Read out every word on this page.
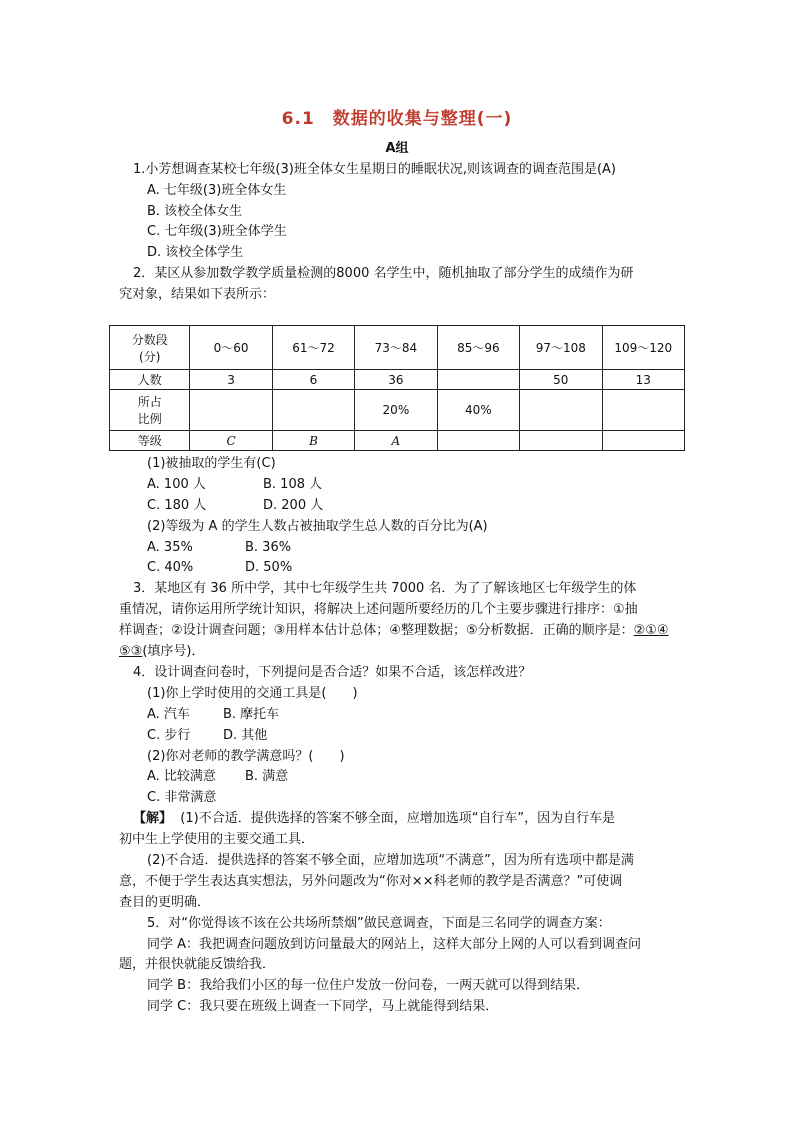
6.1　数据的收集与整理(一)
A组
1.小芳想调查某校七年级(3)班全体女生星期日的睡眠状况,则该调查的调查范围是(A)
A. 七年级(3)班全体女生
B. 该校全体女生
C. 七年级(3)班全体学生
D. 该校全体学生
2．某区从参加数学教学质量检测的8000 名学生中，随机抽取了部分学生的成绩作为研
究对象，结果如下表所示：
分数段
(分)	0～60	61～72	73～84	85～96	97～108	109～120
人数	3	6	36		50	13

所占
比例			20%	40%		
等级	C	B	A			
(1)被抽取的学生有(C)
A. 100 人	B. 108 人
C. 180 人	D. 200 人
(2)等级为 A 的学生人数占被抽取学生总人数的百分比为(A)
A. 35%	B. 36%
C. 40%	D. 50%
3．某地区有 36 所中学，其中七年级学生共 7000 名．为了了解该地区七年级学生的体
重情况，请你运用所学统计知识，将解决上述问题所要经历的几个主要步骤进行排序：①抽
样调查；②设计调查问题；③用样本估计总体；④整理数据；⑤分析数据．正确的顺序是：②①④
⑤③(填序号)．
4．设计调查问卷时，下列提问是否合适？如果不合适，该怎样改进？
(1)你上学时使用的交通工具是(　　)
A. 汽车	B. 摩托车
C. 步行	D. 其他
(2)你对老师的教学满意吗？(　　)
A. 比较满意 B. 满意
C. 非常满意
【解】 (1)不合适．提供选择的答案不够全面，应增加选项“自行车”，因为自行车是
初中生上学使用的主要交通工具．
(2)不合适．提供选择的答案不够全面，应增加选项“不满意”，因为所有选项中都是满
意，不便于学生表达真实想法，另外问题改为“你对××科老师的教学是否满意？”可使调
查目的更明确．
5．对“你觉得该不该在公共场所禁烟”做民意调查，下面是三名同学的调查方案：
同学 A：我把调查问题放到访问量最大的网站上，这样大部分上网的人可以看到调查问
题，并很快就能反馈给我．
同学 B：我给我们小区的每一位住户发放一份问卷，一两天就可以得到结果．
同学 C：我只要在班级上调查一下同学，马上就能得到结果．
